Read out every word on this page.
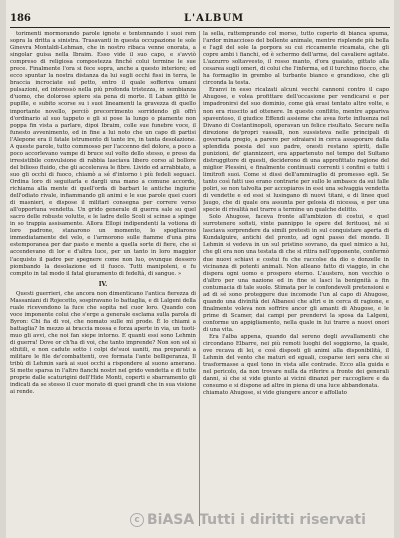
186	L'ALBUM

torimenti mormorando parole ignote e tentennando i suoi rem sopra la dritta a sinistra. Trasavanti in questa occupazione le sole Ginevra Montaldi-Lehman, che in nostro ribaca venne onorata, a singolar guisa nella Ibraim. Esso vide il suo capo, e s'avviò compreso di religiosa compostezza finché colui termine le sue prece. Finalmente l'ora si fece sopra, anche a questo interiore; ed ecco spuntar la nostra distanza da lui sugli occhi fissi in terra, le braccia incrociate sul petto, entro il quale sofferiva umani pulsazioni, ed interessò nella più profonda tristezza, in sembianza d'uomo, che dolorose spiere sia pena di morte. Il Laban gittò le pupille, e subito scorse su i suoi lineamenti la gravezza di quello importante novello, perciò precorrimento sorridendo gli offrì d'ordinario al suo tappeto e gli si pose la lungo o piamente non poppa fin vista a parlare, dipoi Ibraim, colle sue funebre voce, il funesto avvenimento, ed in fine a lui noto che un capo di partisi l'Alepone era il fatale istrumento di tante ire, in tanta desolazione. A queste parole, tutto commosso per l'accenno del dolore, a poco a poco accorlevano vampe di bruce sul volto dello stesso, e preso da irresistibile convulsione di rabbia lasciava libero corso al bollore del bilioso fluido, che gli accelerava le fibre. Livido ed arrabbiato, a suo gli occhi di fuoco, chiamò a sé d'intorno i più fedeli seguaci. Ordina loro di seguitarla e dargli una mano a comune accordo, richiama alla mente di quell'orda di barbari le antiche ingiurie dell'odiato rivale, infiammando gli animi e le sue parole quei cuori di masnieri, e dispose il militari consegna per correre verso all'opportuna vendetta. Un grido generale di guerra sale su quel sacro delle robuste volutte, e le ladre dello Scoli si scinse a spinge in so trappia assisamente. Allora Ellopi indipendenti la votiona di loro padrone, stanarono un momento, lo spogliarono immediatamente del velo, e l'armorono sulle fiamme d'una pira estemporanea per dar pasto e mente a quella sorte di fiere, che si accendevano di lor e d'altra luce, per un tanto in loro maggior l'acquisto il padre per spegnere come non luo, ovunque dessero piombando la desolazione ed il fuoco. Tutti manipoleni, e fu compito in tal modo il fatal giuramento di fedeltà, di sangue. »

IV.

Questi guerrieri, che ancora non dimenticano l'antica fierezza di Massaniani di Rojecetto, sospiravano lo battaglia, e di Lalgeni della ruale ricevendono la fuce che sopita nel cuor loro. Quando con voce imponente colui che s'erge a generale esclama sulla parola di Byron: Chi fia di voi, che nomato sulle mi prode. È lo chiami a battaglia? In mezzo ai braccia mossa e forza aperte in via, un tuoti-muo gli avvi, che noi fan siepe intorno. E quanti essi sono Lehmin di guerra! Dove or ch'ha di voi, che tanto imprende? Non son sol sì sthitili, e non cadute sotto i colpi de'suoi uaniti, ma preparati a militare le file de'combattenti, ove formata l'ante belligeranza, Il tribù di Lehmin sarà ai suoi occhi a rispondere al suono amerano. Si mette sparsa in l'altro fianchi nostri nel grido vendetta e di tutte proprie dalle scaturigini dell'Hide Monti, coperti e sbarramento gli indicati da se stesso il cuor morato di quei grandi che in sua visione ai rende.

la sella, rattemprando col morso, tutto coperto di bianca spuma, l'ardor minaccioso del bollente animale, mentre risplende più bella e l'agil del sole la porpora su cui riccamente ricamata, che gli copre ambi i fianchi, ed è schermo dell'arme, del cavaliere agitate. L'azzurro soltavvesto, il rosso manto, d'ora guaiato, gittato alla cesarea sugli omeri, di colui che l'inferma, ed il turchino fiocco, che ha formaglio in grembo al turbante bianco e grandioso, che gli circonda la testa.

Eranvi in esso ricalzati alcuni vecchi cannoni contro il capo Ahugose, e volea profittare dell'occasione per vendicarsi e per impadronirsi del suo dominio, come già erasi tentato altre volte, e non era riuscito ad ottenere. In questo conflitto, mentre appariva spaventoso, il giudice Effendi assieme che avea forte influenza nel Divano di Costantinopoli, operavan un felice risultato. Secure nella direzione de'propri vassalli, non sussisteva nelle principali di governata pregio, a parere per sdraiarsi in cerca assaporare dalla splendida poesia del suo padre, onesti restano spiriti, dalle punizioni, de' giannizzeri, era appartenuto nel tempo del Sultano distruggitore di questi, deciderono di una approfittato ragione del miglior Plessini, e finalmente continuati correnti i confini e tutti i limitrofi suoi. Come si dissi dell'ammiraglio di promesso egli. Se tanto così fatti uso erano contrarie per sullo le ambasce da sui falle poliri, se non talvolta per accopiaros in essi una selvaggia vendetta di vendette e ed essi si lusingano di nuovi titani, e di linee quel Jaugo, che di quale ora assunta per gelosia di nicessa, e per una specie di rivalità nel trarre a termine un qualche delitto.

Solo Ahugose, faceva fronte all'ambizion di costui, e quel surrotenere sofisti, vinte pannippo le opere del ferituosi, né si lasciava sorprendere da simili pretesti in sul conquistare aperta di Kundalguire, antichi del pronto, ad ogni passo del mondo. Il Lehmin si vedeva in un sul pristino sovrano, da quel nimico a lui, che gli era non una testata di che si ritira nell'opponente, confermò due nuovi schiavi e costui fu che raccolse da dio o donzelle in vicinanza di potenti animali. Non alleano fatto di viaggio, in che dispera ogni uomo e prospero eterno. L'austero, non vecchio o d'altro per una nazione ed in fine si lasci la benignità a fin contumacia di tale suolo. Stimata per le confondevoli pretensioni e ad di sé sono proteggere due incomode l'un al capo di Ahugose, quando una divinità dei Albanesi che altri e in cerca di ragione, e finalmente voleva non soffrire ancor gli amanti di Ahugose, e le prime di Scamer, dai campi per prendervi la sposa da Lalgeni, conforme un appigliamento, nella quale in lui trarre a nuovi onori di una vita.

Era l'alba appena, quando dal sereno degli avvallamenti che circondano Elbarre, nei più remoti luoghi del soggiorno, la quale, ove recava di lei, e così disposti gli animi alla disponibilità, il Lehmin del vento che maturi ed eguali, cosparse ieri sera che si trasformasse a quel tono in vista alle contrade. Ecco alla guida e nel pericolo, da non trovare nulla da riferire a fronte dei generali danni, sì che si vide giunto ai vicini dinanzi per raccogliere e da consumo e si dispone ad altre in piena di una luce abbandonata.

chiamato Ahugose, si vide giungere ancor e affollato

c BiASA Tutti i diritti riservati
